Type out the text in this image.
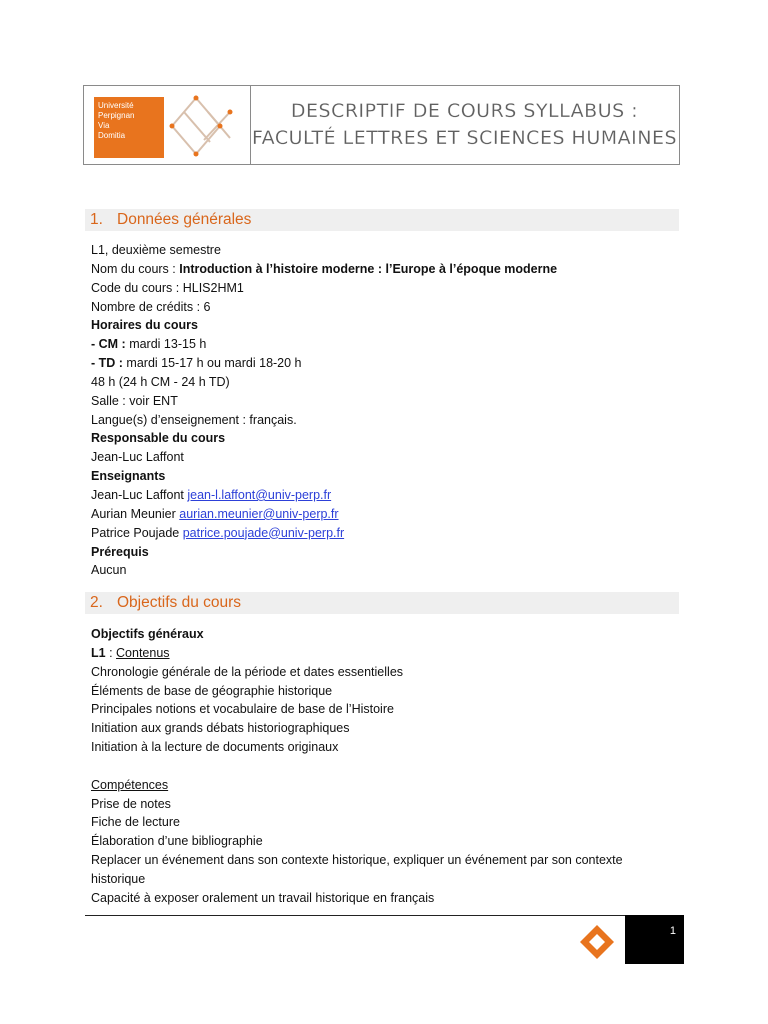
Université
Perpignan
Via
Domitia
DESCRIPTIF DE COURS SYLLABUS :
FACULTÉ LETTRES ET SCIENCES HUMAINES
1. Données générales
L1, deuxième semestre
Nom du cours : Introduction à l’histoire moderne : l’Europe à l’époque moderne
Code du cours : HLIS2HM1
Nombre de crédits : 6
Horaires du cours
- CM : mardi 13-15 h
- TD : mardi 15-17 h ou mardi 18-20 h
48 h (24 h CM - 24 h TD)
Salle : voir ENT
Langue(s) d’enseignement : français.
Responsable du cours
Jean-Luc Laffont
Enseignants
Jean-Luc Laffont jean-l.laffont@univ-perp.fr
Aurian Meunier aurian.meunier@univ-perp.fr
Patrice Poujade patrice.poujade@univ-perp.fr
Prérequis
Aucun
2. Objectifs du cours
Objectifs généraux
L1 : Contenus
Chronologie générale de la période et dates essentielles
Éléments de base de géographie historique
Principales notions et vocabulaire de base de l’Histoire
Initiation aux grands débats historiographiques
Initiation à la lecture de documents originaux
Compétences
Prise de notes
Fiche de lecture
Élaboration d’une bibliographie
Replacer un événement dans son contexte historique, expliquer un événement par son contexte
historique
Capacité à exposer oralement un travail historique en français
1
